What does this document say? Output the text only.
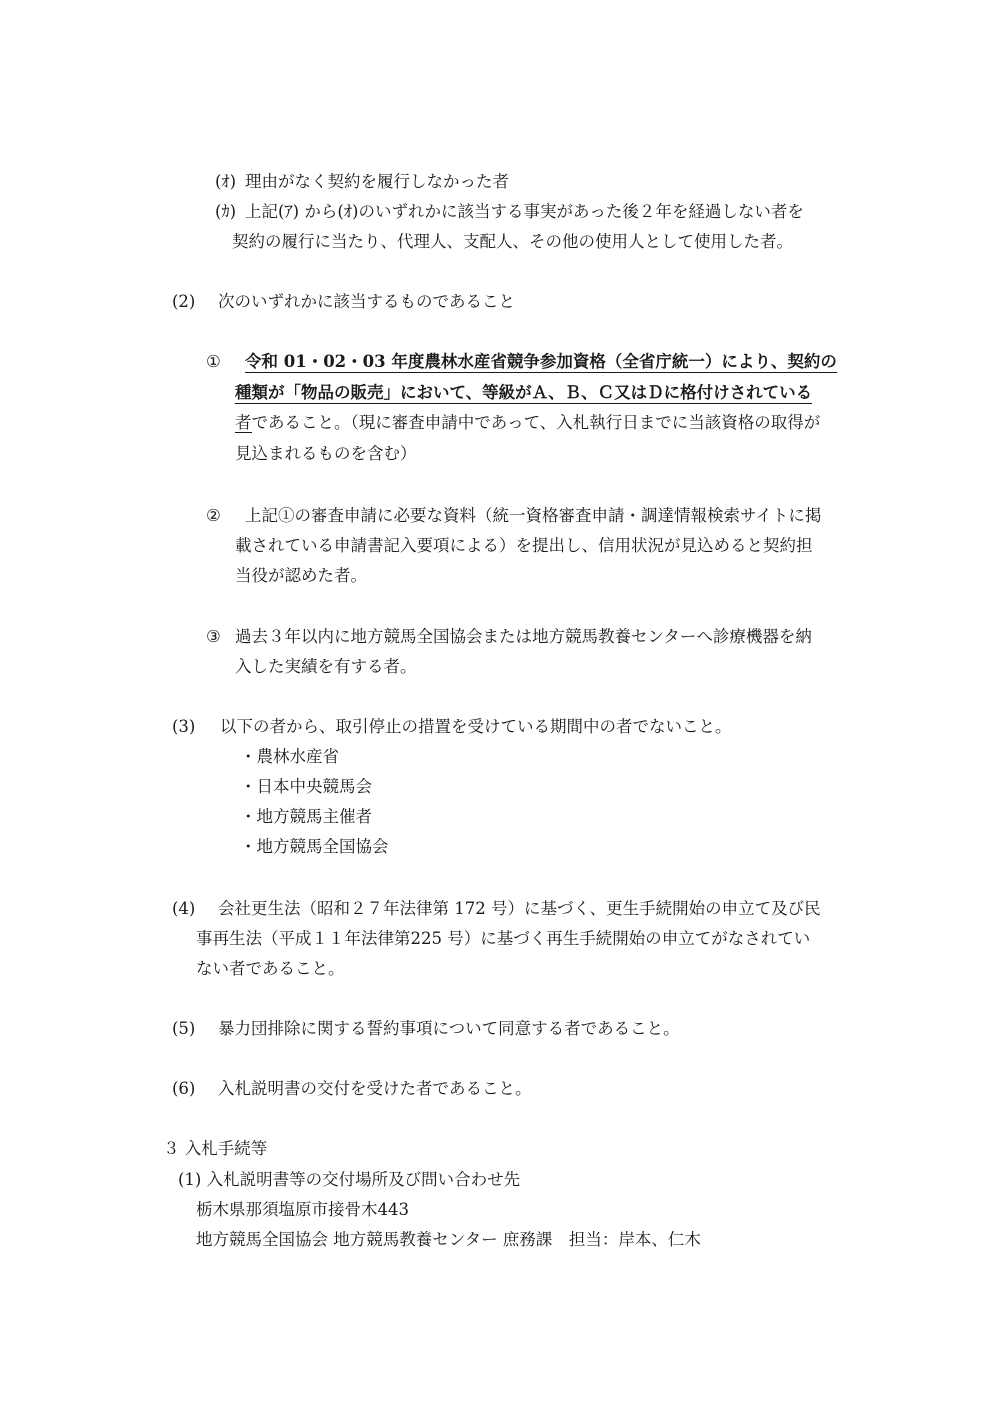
(ｵ) 理由がなく契約を履行しなかった者
(ｶ) 上記(ｱ) から(ｵ)のいずれかに該当する事実があった後２年を経過しない者を
契約の履行に当たり、代理人、支配人、その他の使用人として使用した者。
(2) 次のいずれかに該当するものであること
① 令和 01・02・03 年度農林水産省競争参加資格（全省庁統一）により、契約の
種類が「物品の販売」において、等級がＡ、Ｂ、Ｃ又はＤに格付けされている
者であること。（現に審査申請中であって、入札執行日までに当該資格の取得が
見込まれるものを含む）
② 上記①の審査申請に必要な資料（統一資格審査申請・調達情報検索サイトに掲
載されている申請書記入要項による）を提出し、信用状況が見込めると契約担
当役が認めた者。
③ 過去３年以内に地方競馬全国協会または地方競馬教養センターへ診療機器を納
入した実績を有する者。
(3) 以下の者から、取引停止の措置を受けている期間中の者でないこと。
・農林水産省
・日本中央競馬会
・地方競馬主催者
・地方競馬全国協会
(4) 会社更生法（昭和２７年法律第 172 号）に基づく、更生手続開始の申立て及び民
事再生法（平成１１年法律第225 号）に基づく再生手続開始の申立てがなされてい
ない者であること。
(5) 暴力団排除に関する誓約事項について同意する者であること。
(6) 入札説明書の交付を受けた者であること。
３ 入札手続等
(1) 入札説明書等の交付場所及び問い合わせ先
栃木県那須塩原市接骨木443
地方競馬全国協会 地方競馬教養センター 庶務課　担当：岸本、仁木
